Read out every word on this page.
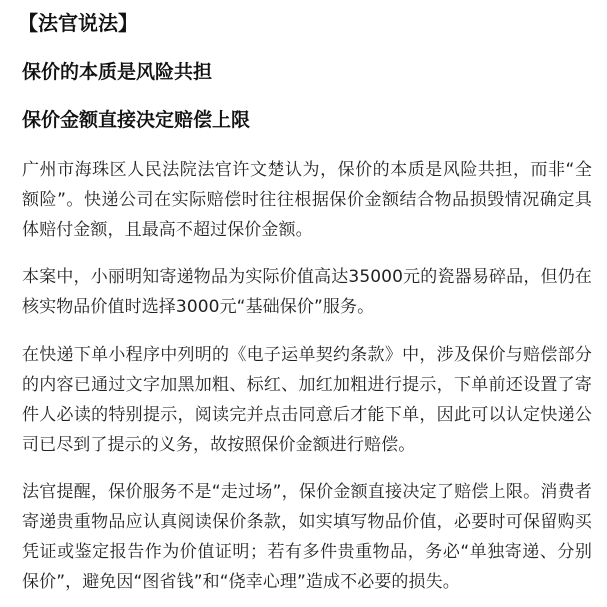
【法官说法】
保价的本质是风险共担
保价金额直接决定赔偿上限

广州市海珠区人民法院法官许文楚认为，保价的本质是风险共担，而非“全额险”。快递公司在实际赔偿时往往根据保价金额结合物品损毁情况确定具体赔付金额，且最高不超过保价金额。

本案中，小丽明知寄递物品为实际价值高达35000元的瓷器易碎品，但仍在核实物品价值时选择3000元“基础保价”服务。

在快递下单小程序中列明的《电子运单契约条款》中，涉及保价与赔偿部分的内容已通过文字加黑加粗、标红、加红加粗进行提示，下单前还设置了寄件人必读的特别提示，阅读完并点击同意后才能下单，因此可以认定快递公司已尽到了提示的义务，故按照保价金额进行赔偿。

法官提醒，保价服务不是“走过场”，保价金额直接决定了赔偿上限。消费者寄递贵重物品应认真阅读保价条款，如实填写物品价值，必要时可保留购买凭证或鉴定报告作为价值证明；若有多件贵重物品，务必“单独寄递、分别保价”，避免因“图省钱”和“侥幸心理”造成不必要的损失。
